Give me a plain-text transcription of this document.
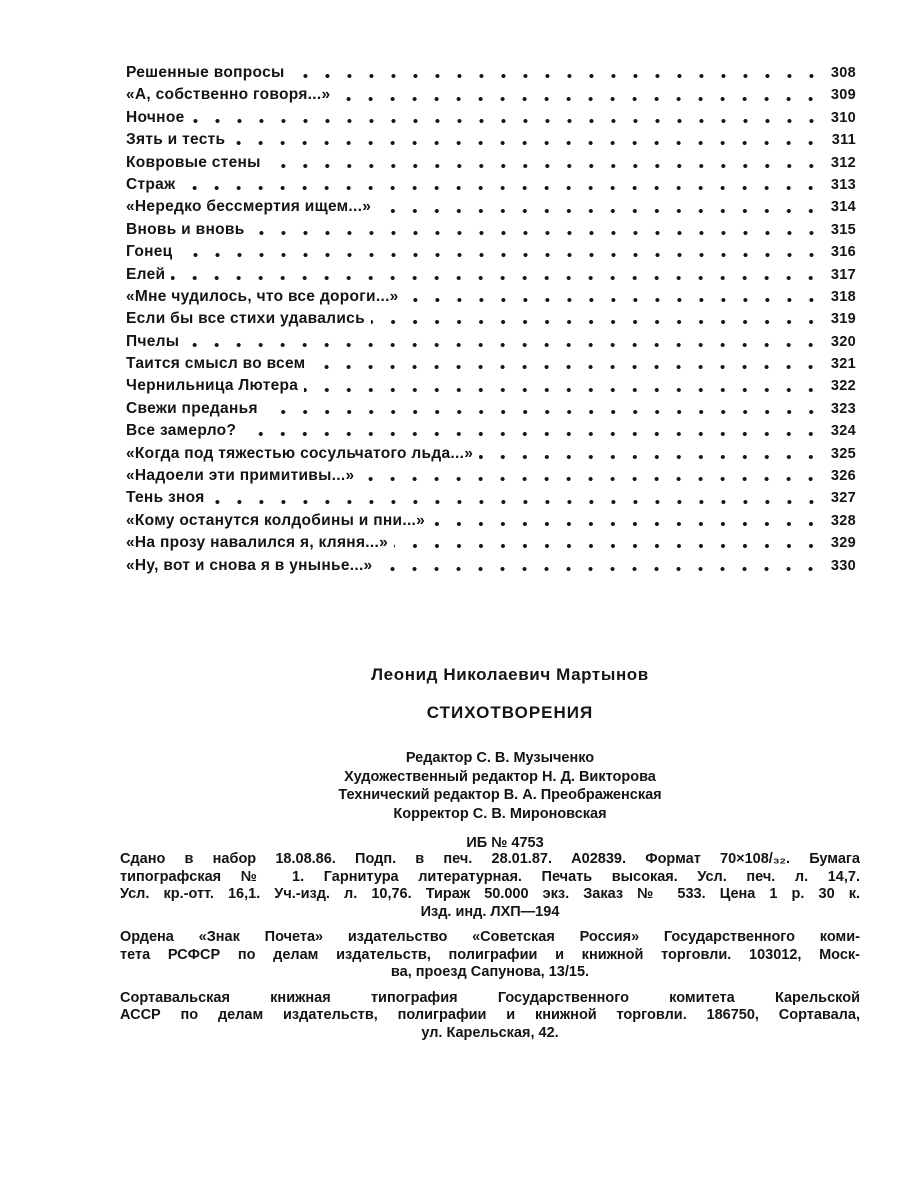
Решенные вопросы	308
«А, собственно говоря...»	309
Ночное	310
Зять и тесть	311
Ковровые стены	312
Страж	313
«Нередко бессмертия ищем...»	314
Вновь и вновь	315
Гонец	316
Елей	317
«Мне чудилось, что все дороги...»	318
Если бы все стихи удавались	319
Пчелы	320
Таится смысл во всем	321
Чернильница Лютера	322
Свежи преданья	323
Все замерло?	324
«Когда под тяжестью сосульчатого льда...»	325
«Надоели эти примитивы...»	326
Тень зноя	327
«Кому останутся колдобины и пни...»	328
«На прозу навалился я, кляня...»	329
«Ну, вот и снова я в унынье...»	330
Леонид Николаевич Мартынов
СТИХОТВОРЕНИЯ
Редактор С. В. Музыченко
Художественный редактор Н. Д. Викторова
Технический редактор В. А. Преображенская
Корректор С. В. Мироновская
ИБ № 4753
Сдано в набор 18.08.86. Подп. в печ. 28.01.87. А02839. Формат 70×108/₃₂. Бумага
типографская № 1. Гарнитура литературная. Печать высокая. Усл. печ. л. 14,7.
Усл. кр.-отт. 16,1. Уч.-изд. л. 10,76. Тираж 50.000 экз. Заказ № 533. Цена 1 р. 30 к.
Изд. инд. ЛХП—194
Ордена «Знак Почета» издательство «Советская Россия» Государственного коми-
тета РСФСР по делам издательств, полиграфии и книжной торговли. 103012, Моск-
ва, проезд Сапунова, 13/15.
Сортавальская книжная типография Государственного комитета Карельской
АССР по делам издательств, полиграфии и книжной торговли. 186750, Сортавала,
ул. Карельская, 42.
